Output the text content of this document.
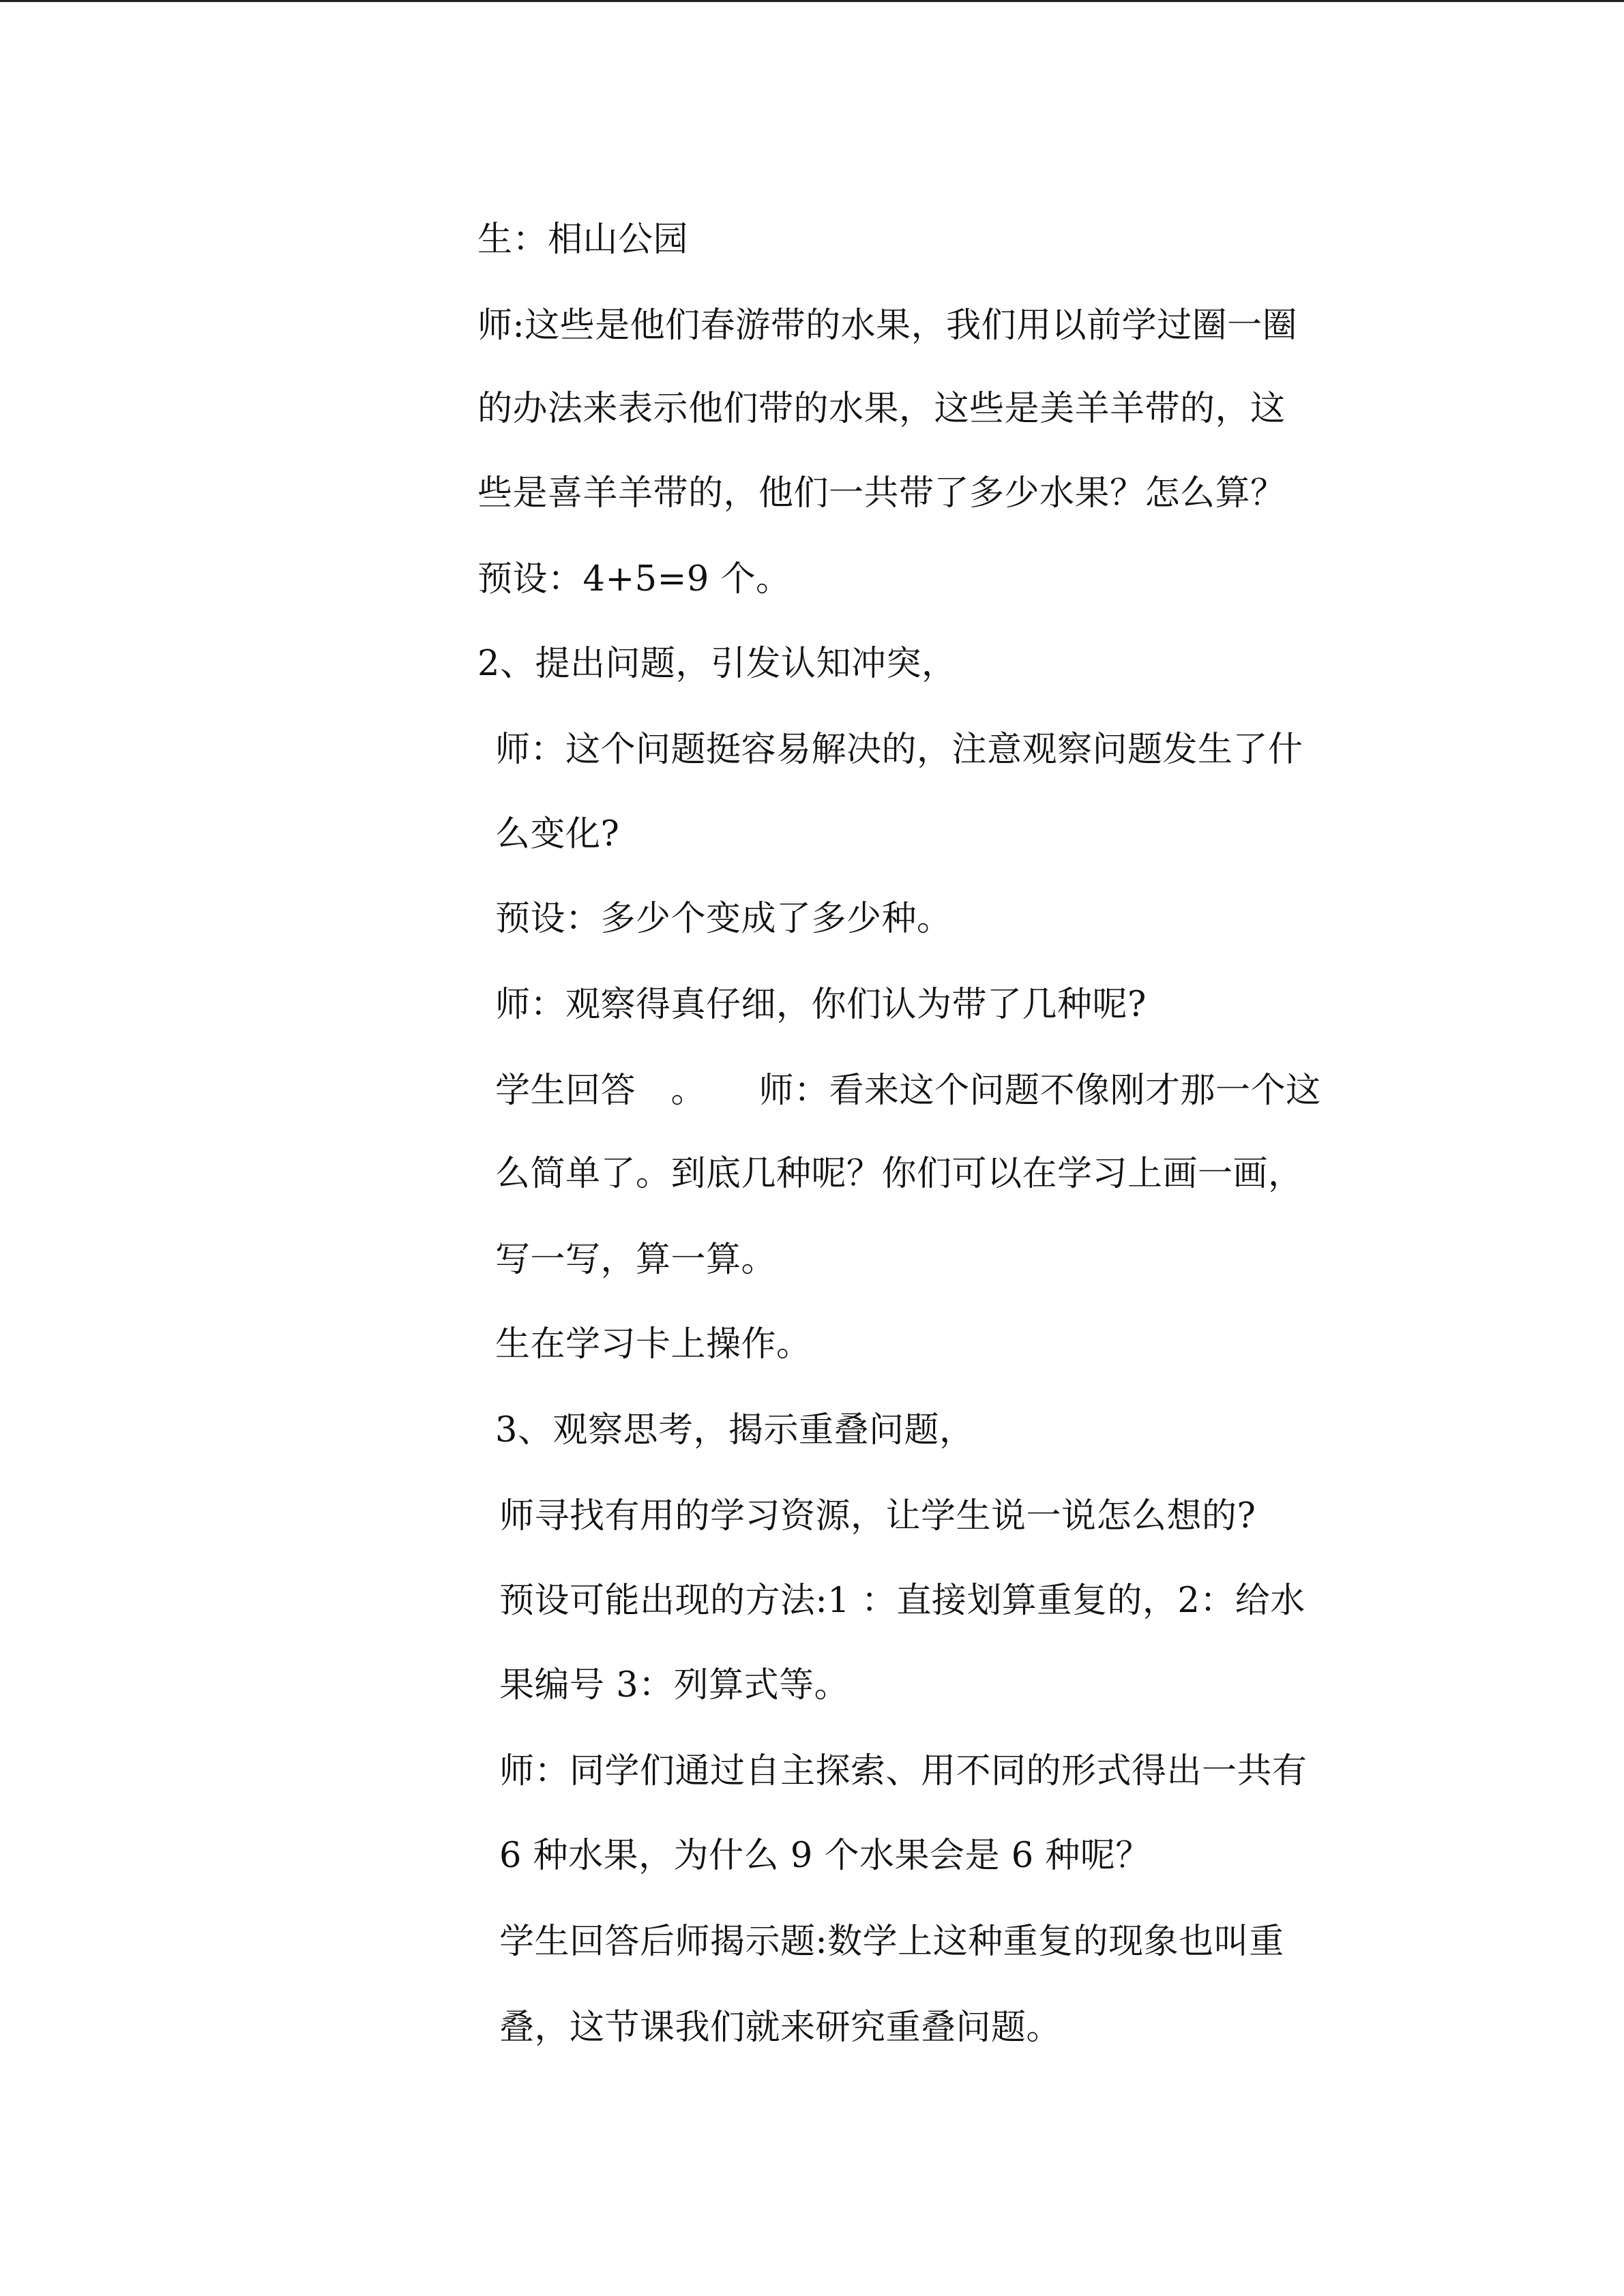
生：相山公园
师:这些是他们春游带的水果，我们用以前学过圈一圈
的办法来表示他们带的水果，这些是美羊羊带的，这
些是喜羊羊带的，他们一共带了多少水果？怎么算？
预设：4+5=9 个。
2、提出问题，引发认知冲突，
师：这个问题挺容易解决的，注意观察问题发生了什
么变化?
预设：多少个变成了多少种。
师：观察得真仔细，你们认为带了几种呢?
学生回答　。　　师：看来这个问题不像刚才那一个这
么简单了。到底几种呢？你们可以在学习上画一画，
写一写，算一算。
生在学习卡上操作。
3、观察思考，揭示重叠问题，
师寻找有用的学习资源，让学生说一说怎么想的?
预设可能出现的方法:1 ：直接划算重复的，2：给水
果编号 3：列算式等。
师：同学们通过自主探索、用不同的形式得出一共有
6 种水果，为什么 9 个水果会是 6 种呢？
学生回答后师揭示题:数学上这种重复的现象也叫重
叠，这节课我们就来研究重叠问题。
